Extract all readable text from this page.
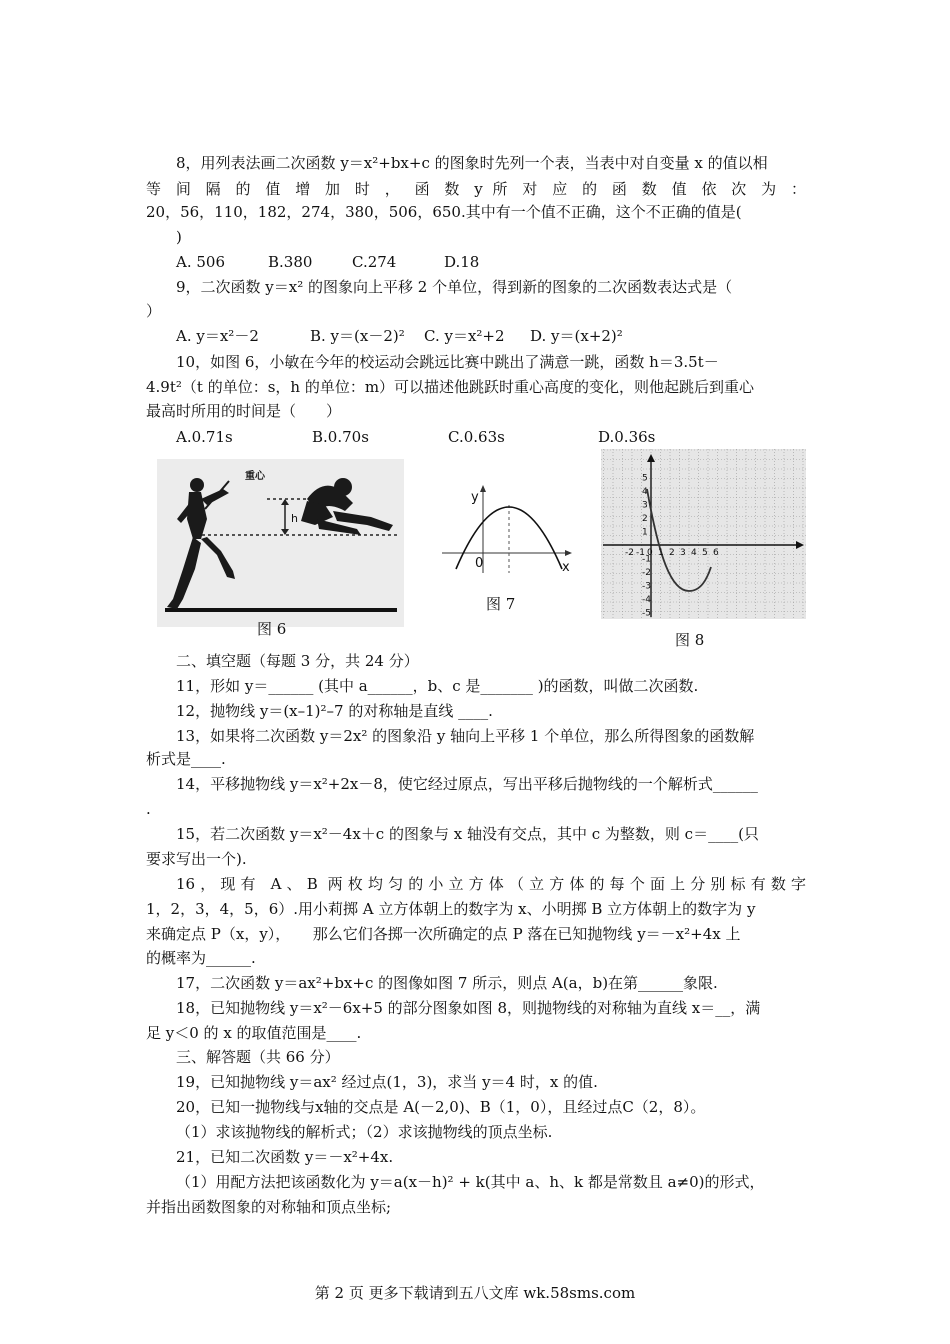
8，用列表法画二次函数 y＝x²+bx+c 的图象时先列一个表，当表中对自变量 x 的值以相
等 间 隔 的 值 增 加 时 ， 函 数 y 所 对 应 的 函 数 值 依 次 为 ：
20，56，110，182，274，380，506，650.其中有一个值不正确，这个不正确的值是(
)
A. 506	B.380	C.274	D.18
9，二次函数 y＝x² 的图象向上平移 2 个单位，得到新的图象的二次函数表达式是（
）
A. y＝x²－2	B. y＝(x－2)² C. y＝x²+2 D. y＝(x+2)²
10，如图 6，小敏在今年的校运动会跳远比赛中跳出了满意一跳，函数 h＝3.5t－
4.9t²（t 的单位：s，h 的单位：m）可以描述他跳跃时重心高度的变化，则他起跳后到重心
最高时所用的时间是（　　）
A.0.71s	B.0.70s	C.0.63s	D.0.36s
h
重心
图 6
y
x
0
图 7
-2 -1 0 1 2 3 4 5 6
5
4
3
2
1
-1
-2
-3
-4
-5
图 8
二、填空题（每题 3 分，共 24 分）
11，形如 y＝______ (其中 a______，b、c 是_______ )的函数，叫做二次函数.
12，抛物线 y＝(x–1)²–7 的对称轴是直线 ____.
13，如果将二次函数 y＝2x² 的图象沿 y 轴向上平移 1 个单位，那么所得图象的函数解
析式是____.
14，平移抛物线 y＝x²+2x－8，使它经过原点，写出平移后抛物线的一个解析式______
.
15，若二次函数 y＝x²－4x＋c 的图象与 x 轴没有交点，其中 c 为整数，则 c＝____(只
要求写出一个).
16，现有 A、B 两枚均匀的小立方体（立方体的每个面上分别标有数字
1，2，3，4，5，6）.用小莉掷 A 立方体朝上的数字为 x、小明掷 B 立方体朝上的数字为 y
来确定点 P（x，y），　　那么它们各掷一次所确定的点 P 落在已知抛物线 y＝－x²+4x 上
的概率为______.
17，二次函数 y＝ax²+bx+c 的图像如图 7 所示，则点 A(a，b)在第______象限.
18，已知抛物线 y＝x²－6x+5 的部分图象如图 8，则抛物线的对称轴为直线 x＝__，满
足 y＜0 的 x 的取值范围是____.
三、解答题（共 66 分）
19，已知抛物线 y＝ax² 经过点(1，3)，求当 y＝4 时，x 的值.
20，已知一抛物线与x轴的交点是 A(－2,0)、B（1，0），且经过点C（2，8）。
（1）求该抛物线的解析式；（2）求该抛物线的顶点坐标.
21，已知二次函数 y＝－x²+4x.
（1）用配方法把该函数化为 y＝a(x－h)² + k(其中 a、h、k 都是常数且 a≠0)的形式，
并指出函数图象的对称轴和顶点坐标;
第 2 页 更多下载请到五八文库 wk.58sms.com
